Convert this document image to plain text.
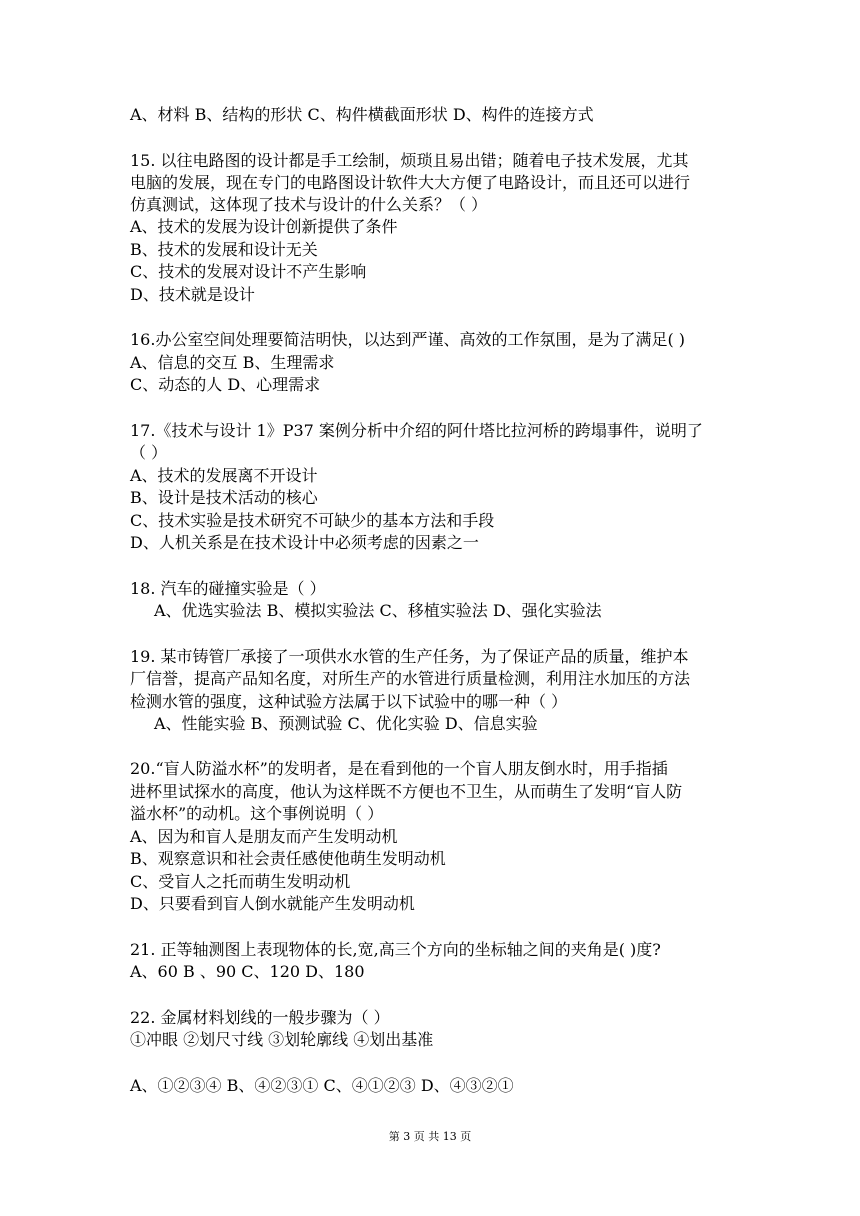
A、材料 B、结构的形状 C、构件横截面形状 D、构件的连接方式
15. 以往电路图的设计都是手工绘制，烦琐且易出错；随着电子技术发展，尤其
电脑的发展，现在专门的电路图设计软件大大方便了电路设计，而且还可以进行
仿真测试，这体现了技术与设计的什么关系？（ ）
A、技术的发展为设计创新提供了条件
B、技术的发展和设计无关
C、技术的发展对设计不产生影响
D、技术就是设计
16.办公室空间处理要简洁明快，以达到严谨、高效的工作氛围，是为了满足( )
A、信息的交互 B、生理需求
C、动态的人 D、心理需求
17.《技术与设计 1》P37 案例分析中介绍的阿什塔比拉河桥的跨塌事件，说明了
（ ）
A、技术的发展离不开设计
B、设计是技术活动的核心
C、技术实验是技术研究不可缺少的基本方法和手段
D、人机关系是在技术设计中必须考虑的因素之一
18. 汽车的碰撞实验是（ ）
A、优选实验法 B、模拟实验法 C、移植实验法 D、强化实验法
19. 某市铸管厂承接了一项供水水管的生产任务，为了保证产品的质量，维护本
厂信誉，提高产品知名度，对所生产的水管进行质量检测，利用注水加压的方法
检测水管的强度，这种试验方法属于以下试验中的哪一种（ ）
A、性能实验 B、预测试验 C、优化实验 D、信息实验
20.“盲人防溢水杯”的发明者，是在看到他的一个盲人朋友倒水时，用手指插
进杯里试探水的高度，他认为这样既不方便也不卫生，从而萌生了发明“盲人防
溢水杯”的动机。这个事例说明（ ）
A、因为和盲人是朋友而产生发明动机
B、观察意识和社会责任感使他萌生发明动机
C、受盲人之托而萌生发明动机
D、只要看到盲人倒水就能产生发明动机
21. 正等轴测图上表现物体的长,宽,高三个方向的坐标轴之间的夹角是( )度?
A、60 B 、90 C、120 D、180
22. 金属材料划线的一般步骤为（ ）
①冲眼 ②划尺寸线 ③划轮廓线 ④划出基准
A、①②③④ B、④②③① C、④①②③ D、④③②①
第 3 页 共 13 页
